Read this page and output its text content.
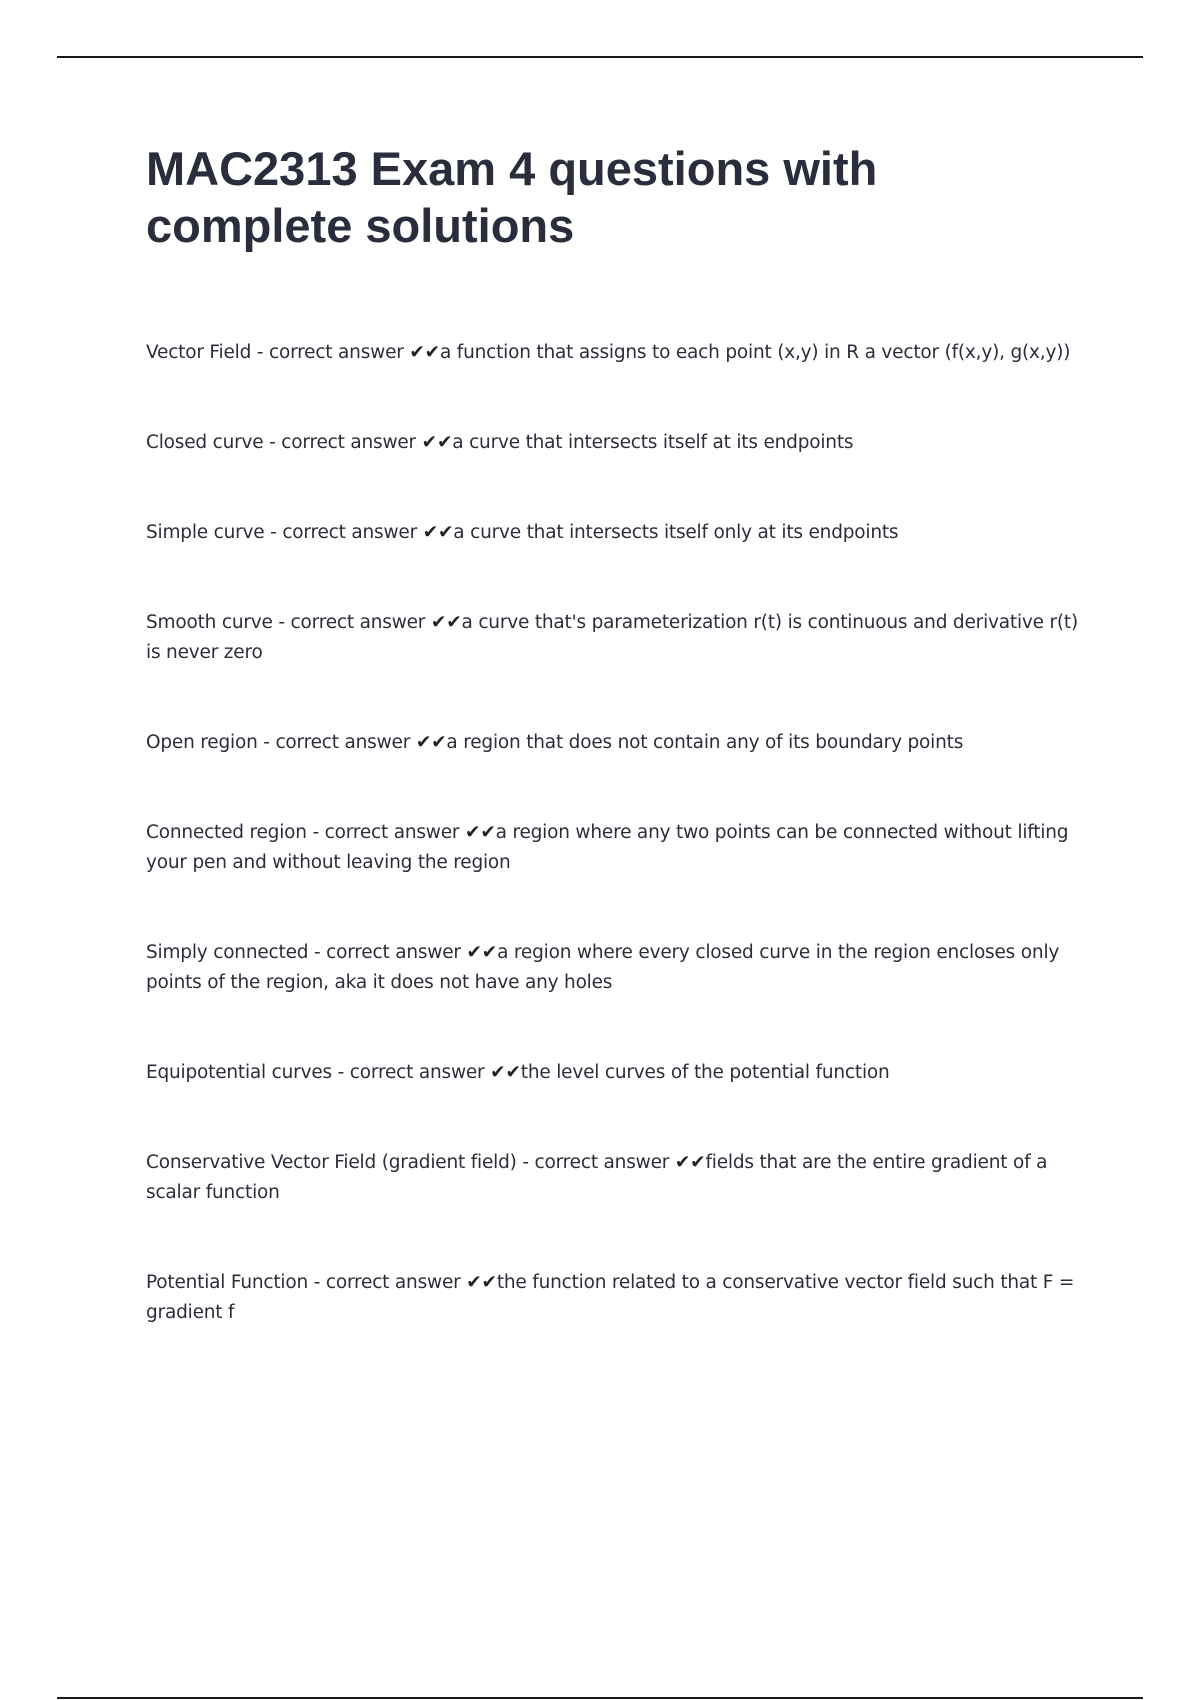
MAC2313 Exam 4 questions with complete solutions
Vector Field - correct answer ✔✔a function that assigns to each point (x,y) in R a vector (f(x,y), g(x,y))
Closed curve - correct answer ✔✔a curve that intersects itself at its endpoints
Simple curve - correct answer ✔✔a curve that intersects itself only at its endpoints
Smooth curve - correct answer ✔✔a curve that's parameterization r(t) is continuous and derivative r(t) is never zero
Open region - correct answer ✔✔a region that does not contain any of its boundary points
Connected region - correct answer ✔✔a region where any two points can be connected without lifting your pen and without leaving the region
Simply connected - correct answer ✔✔a region where every closed curve in the region encloses only points of the region, aka it does not have any holes
Equipotential curves - correct answer ✔✔the level curves of the potential function
Conservative Vector Field (gradient field) - correct answer ✔✔fields that are the entire gradient of a scalar function
Potential Function - correct answer ✔✔the function related to a conservative vector field such that F = gradient f
